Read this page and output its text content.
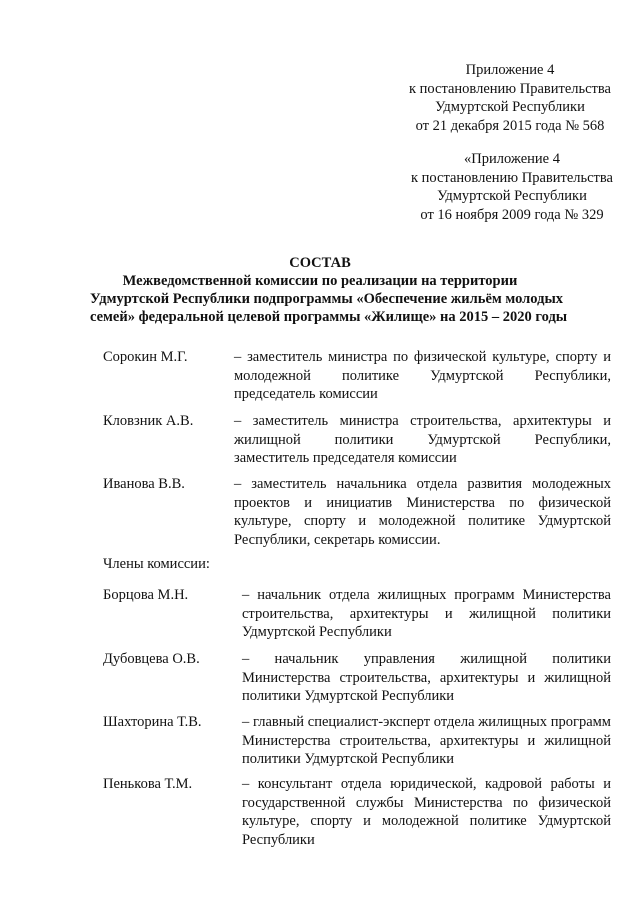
Приложение 4
к постановлению Правительства
Удмуртской Республики
от 21 декабря 2015 года № 568
«Приложение 4
к постановлению Правительства
Удмуртской Республики
от 16 ноября 2009 года № 329
СОСТАВ
Межведомственной комиссии по реализации на территории
Удмуртской Республики подпрограммы «Обеспечение жильём молодых
семей» федеральной целевой программы «Жилище» на 2015 – 2020 годы
Сорокин М.Г.	– заместитель министра по физической культуре, спорту и
молодежной политике Удмуртской Республики,
председатель комиссии
Кловзник А.В.	– заместитель министра строительства, архитектуры и
жилищной политики Удмуртской Республики,
заместитель председателя комиссии
Иванова В.В.	– заместитель начальника отдела развития молодежных
проектов и инициатив Министерства по физической
культуре, спорту и молодежной политике Удмуртской
Республики, секретарь комиссии.
Члены комиссии:
Борцова М.Н.	– начальник отдела жилищных программ Министерства
строительства, архитектуры и жилищной политики
Удмуртской Республики
Дубовцева О.В.	– начальник управления жилищной политики
Министерства строительства, архитектуры и жилищной
политики Удмуртской Республики
Шахторина Т.В.	– главный специалист-эксперт отдела жилищных программ
Министерства строительства, архитектуры и жилищной
политики Удмуртской Республики
Пенькова Т.М.	– консультант отдела юридической, кадровой работы и
государственной службы Министерства по физической
культуре, спорту и молодежной политике Удмуртской
Республики
